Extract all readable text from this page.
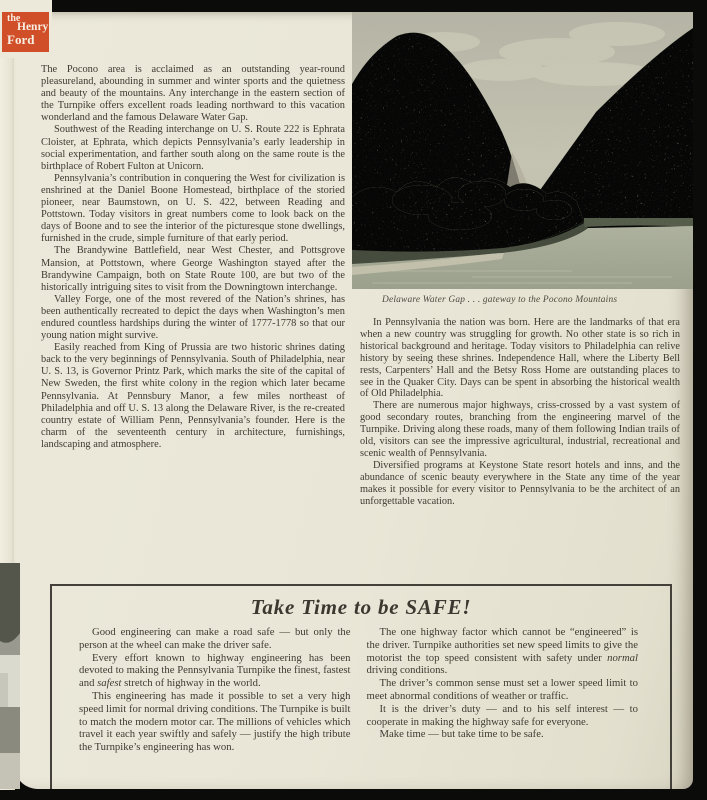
Delaware Water Gap . . . gateway to the Pocono Mountains

The Pocono area is acclaimed as an outstanding year-round pleasureland, abounding in summer and winter sports and the quietness and beauty of the mountains. Any interchange in the eastern section of the Turnpike offers excellent roads leading northward to this vacation wonderland and the famous Delaware Water Gap.

Southwest of the Reading interchange on U. S. Route 222 is Ephrata Cloister, at Ephrata, which depicts Pennsylvania’s early leadership in social experimentation, and farther south along on the same route is the birthplace of Robert Fulton at Unicorn.

Pennsylvania’s contribution in conquering the West for civilization is enshrined at the Daniel Boone Homestead, birthplace of the storied pioneer, near Baumstown, on U. S. 422, between Reading and Pottstown. Today visitors in great numbers come to look back on the days of Boone and to see the interior of the picturesque stone dwellings, furnished in the crude, simple furniture of that early period.

The Brandywine Battlefield, near West Chester, and Pottsgrove Mansion, at Pottstown, where George Washington stayed after the Brandywine Campaign, both on State Route 100, are but two of the historically intriguing sites to visit from the Downingtown interchange.

Valley Forge, one of the most revered of the Nation’s shrines, has been authentically recreated to depict the days when Washington’s men endured countless hardships during the winter of 1777-1778 so that our young nation might survive.

Easily reached from King of Prussia are two historic shrines dating back to the very beginnings of Pennsylvania. South of Philadelphia, near U. S. 13, is Governor Printz Park, which marks the site of the capital of New Sweden, the first white colony in the region which later became Pennsylvania. At Pennsbury Manor, a few miles northeast of Philadelphia and off U. S. 13 along the Delaware River, is the re-created country estate of William Penn, Pennsylvania’s founder. Here is the charm of the seventeenth century in architecture, furnishings, landscaping and atmosphere.

In Pennsylvania the nation was born. Here are the landmarks of that era when a new country was struggling for growth. No other state is so rich in historical background and heritage. Today visitors to Philadelphia can relive history by seeing these shrines. Independence Hall, where the Liberty Bell rests, Carpenters’ Hall and the Betsy Ross Home are outstanding places to see in the Quaker City. Days can be spent in absorbing the historical wealth of Old Philadelphia.

There are numerous major highways, criss-crossed by a vast system of good secondary routes, branching from the engineering marvel of the Turnpike. Driving along these roads, many of them following Indian trails of old, visitors can see the impressive agricultural, industrial, recreational and scenic wealth of Pennsylvania.

Diversified programs at Keystone State resort hotels and inns, and the abundance of scenic beauty everywhere in the State any time of the year makes it possible for every visitor to Pennsylvania to be the architect of an unforgettable vacation.

Take Time to be SAFE!

Good engineering can make a road safe — but only the person at the wheel can make the driver safe.

Every effort known to highway engineering has been devoted to making the Pennsylvania Turnpike the finest, fastest and safest stretch of highway in the world.

This engineering has made it possible to set a very high speed limit for normal driving conditions. The Turnpike is built to match the modern motor car. The millions of vehicles which travel it each year swiftly and safely — justify the high tribute the Turnpike’s engineering has won.

The one highway factor which cannot be “engineered” is the driver. Turnpike authorities set new speed limits to give the motorist the top speed consistent with safety under normal driving conditions.

The driver’s common sense must set a lower speed limit to meet abnormal conditions of weather or traffic.

It is the driver’s duty — and to his self interest — to cooperate in making the highway safe for everyone.

Make time — but take time to be safe.

the
Henry
Ford
